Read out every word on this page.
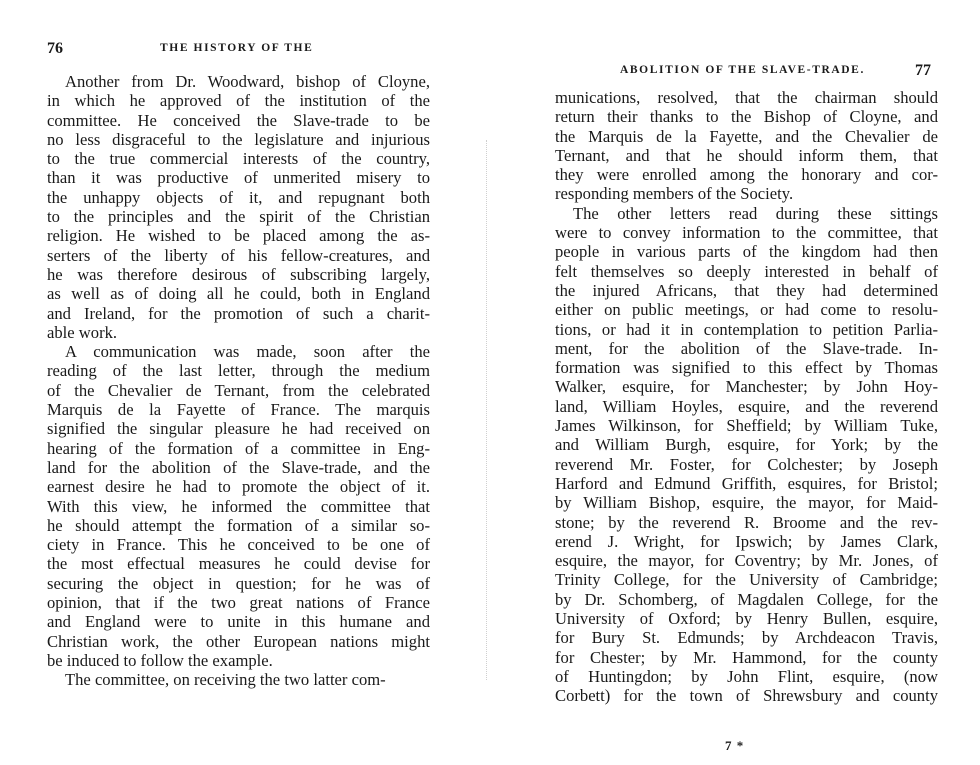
76	THE HISTORY OF THE
Another from Dr. Woodward, bishop of Cloyne,
in which he approved of the institution of the
committee. He conceived the Slave-trade to be
no less disgraceful to the legislature and injurious
to the true commercial interests of the country,
than it was productive of unmerited misery to
the unhappy objects of it, and repugnant both
to the principles and the spirit of the Christian
religion. He wished to be placed among the as-
serters of the liberty of his fellow-creatures, and
he was therefore desirous of subscribing largely,
as well as of doing all he could, both in England
and Ireland, for the promotion of such a charit-
able work.
A communication was made, soon after the
reading of the last letter, through the medium
of the Chevalier de Ternant, from the celebrated
Marquis de la Fayette of France. The marquis
signified the singular pleasure he had received on
hearing of the formation of a committee in Eng-
land for the abolition of the Slave-trade, and the
earnest desire he had to promote the object of it.
With this view, he informed the committee that
he should attempt the formation of a similar so-
ciety in France. This he conceived to be one of
the most effectual measures he could devise for
securing the object in question; for he was of
opinion, that if the two great nations of France
and England were to unite in this humane and
Christian work, the other European nations might
be induced to follow the example.
The committee, on receiving the two latter com-
ABOLITION OF THE SLAVE-TRADE.	77
munications, resolved, that the chairman should
return their thanks to the Bishop of Cloyne, and
the Marquis de la Fayette, and the Chevalier de
Ternant, and that he should inform them, that
they were enrolled among the honorary and cor-
responding members of the Society.
The other letters read during these sittings
were to convey information to the committee, that
people in various parts of the kingdom had then
felt themselves so deeply interested in behalf of
the injured Africans, that they had determined
either on public meetings, or had come to resolu-
tions, or had it in contemplation to petition Parlia-
ment, for the abolition of the Slave-trade. In-
formation was signified to this effect by Thomas
Walker, esquire, for Manchester; by John Hoy-
land, William Hoyles, esquire, and the reverend
James Wilkinson, for Sheffield; by William Tuke,
and William Burgh, esquire, for York; by the
reverend Mr. Foster, for Colchester; by Joseph
Harford and Edmund Griffith, esquires, for Bristol;
by William Bishop, esquire, the mayor, for Maid-
stone; by the reverend R. Broome and the rev-
erend J. Wright, for Ipswich; by James Clark,
esquire, the mayor, for Coventry; by Mr. Jones, of
Trinity College, for the University of Cambridge;
by Dr. Schomberg, of Magdalen College, for the
University of Oxford; by Henry Bullen, esquire,
for Bury St. Edmunds; by Archdeacon Travis,
for Chester; by Mr. Hammond, for the county
of Huntingdon; by John Flint, esquire, (now
Corbett) for the town of Shrewsbury and county
7 *
